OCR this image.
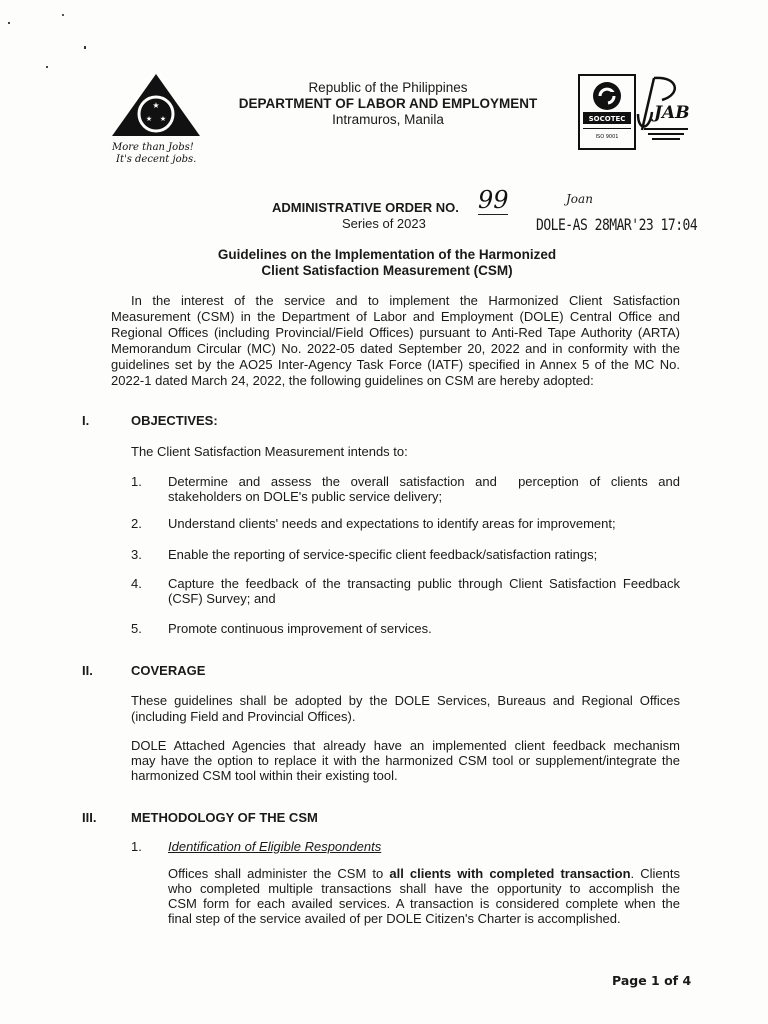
★
★ ★
More than Jobs!
It's decent jobs.
Republic of the Philippines
DEPARTMENT OF LABOR AND EMPLOYMENT
Intramuros, Manila	SOCOTEC
ISO 9001
JAB
ADMINISTRATIVE ORDER NO. 99
Series of 2023
Joan
DOLE-AS 28MAR'23 17:04
Guidelines on the Implementation of the Harmonized
Client Satisfaction Measurement (CSM)
In the interest of the service and to implement the Harmonized Client Satisfaction
Measurement (CSM) in the Department of Labor and Employment (DOLE) Central Office and
Regional Offices (including Provincial/Field Offices) pursuant to Anti-Red Tape Authority (ARTA)
Memorandum Circular (MC) No. 2022-05 dated September 20, 2022 and in conformity with the
guidelines set by the AO25 Inter-Agency Task Force (IATF) specified in Annex 5 of the MC No.
2022-1 dated March 24, 2022, the following guidelines on CSM are hereby adopted:
I.	OBJECTIVES:
The Client Satisfaction Measurement intends to:
1. Determine and assess the overall satisfaction and  perception of clients and
stakeholders on DOLE's public service delivery;
2. Understand clients' needs and expectations to identify areas for improvement;
3. Enable the reporting of service-specific client feedback/satisfaction ratings;
4. Capture the feedback of the transacting public through Client Satisfaction Feedback
(CSF) Survey; and
5. Promote continuous improvement of services.
II.	COVERAGE
These guidelines shall be adopted by the DOLE Services, Bureaus and Regional Offices
(including Field and Provincial Offices).
DOLE Attached Agencies that already have an implemented client feedback mechanism
may have the option to replace it with the harmonized CSM tool or supplement/integrate the
harmonized CSM tool within their existing tool.
III.	METHODOLOGY OF THE CSM
1. Identification of Eligible Respondents
Offices shall administer the CSM to all clients with completed transaction. Clients
who completed multiple transactions shall have the opportunity to accomplish the
CSM form for each availed services. A transaction is considered complete when the
final step of the service availed of per DOLE Citizen's Charter is accomplished.
Page 1 of 4
